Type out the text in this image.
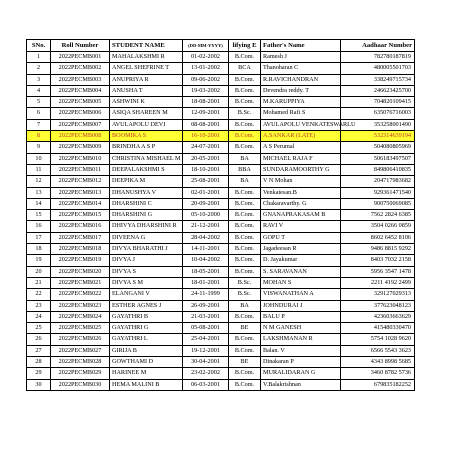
SNo.	Roll Number	STUDENT NAME	(DD-MM-YYYY)	lifying E	Father's Name	Aadhaar Number
1	2022PECMB001	MAHALAKSHMI R	01-02-2002	B.Com.	Ramesh J	782780187819
2	2022PECMB002	ANGEL SHEFRINE T	13-01-2002	BCA	Thanoharan C	480005501703
3	2022PECMB003	ANUPRIYA R	09-06-2002	B.Com.	R.RAVICHANDRAN	338249715734
4	2022PECMB004	ANUSHA T	19-03-2002	B.Com.	Devendra reddy. T	246623425700
5	2022PECMB005	ASHWINI K	18-08-2001	B.Com.	M.KARUPPIYA	704820109415
6	2022PECMB006	ASIQA SHAREEN M	12-09-2001	B.Sc.	Mohamed Rafi S	635076716003
7	2022PECMB007	AVULAPOLU DEVI	08-08-2001	B.Com.	AVULAPOLU VENKATESWARLU	353258001490
8	2022PECMB008	BOOMIKA S	16-10-2001	B.Com.	A.SANKAR (LATE)	532314639194
9	2022PECMB009	BRINDHA A S P	24-07-2001	B.Com.	A S Perumal	504080805969
10	2022PECMB010	CHRISTINA MISHAEL M	20-05-2001	BA	MICHAEL RAJA F	506183497507
11	2022PECMB011	DEEPALAKSHMI S	18-10-2001	BBA	SUNDARAMOORTHY G	849806410835
12	2022PECMB012	DEEPIKA M	25-08-2001	BA	V N Mohan	204717983682
13	2022PECMB013	DHANUSHYA V	02-01-2001	B.Com.	Venkatesan.B	929361471540
14	2022PECMB014	DHARSHINI C	20-09-2001	B.Com.	Chakaravarthy. G	900750069085
15	2022PECMB015	DHARSHINI G	05-10-2000	B.Com.	GNANAPRAKASAM B	7562 2824 6385
16	2022PECMB016	DHIVYA DHARSHINI R	21-12-2001	B.Com.	RAVI V	3504 0266 0859
17	2022PECMB017	DIVEENA G	28-04-2002	B.Com.	GOPU T	8602 6452 8106
18	2022PECMB018	DIVYA BHARATHI J	14-11-2001	B.Com.	Jagadeesan R	9486 8815 9292
19	2022PECMB019	DIVYA J	10-04-2002	B.Com.	D. Jayakumar	8403 7032 2158
20	2022PECMB020	DIVYA S	18-05-2001	B.Com.	S. SARAVANAN	5956 3547 1478
21	2022PECMB021	DIVYA S M	18-01-2001	B.Sc.	MOHAN S	2211 4192 2499
22	2022PECMB022	ELANGANI V	24-11-1999	B.Sc.	VISWANATHAN A	329127029313
23	2022PECMB023	ESTHER AGNES J	26-09-2001	BA	JOHNDURAI J	377623048123
24	2022PECMB024	GAYATHRI B	21-03-2001	B.Com.	BALU P	423603663629
25	2022PECMB025	GAYATHRI G	05-08-2001	BE	N M GANESH	415480330470
26	2022PECMB026	GAYATHRI L	25-04-2001	B.Com.	LAKSHMANAN R	5754 1028 9620
27	2022PECMB027	GIRIJA B	19-12-2001	B.Com.	Balan. V	6566 5543 3623
28	2022PECMB028	GOWTHAMI D	30-04-2001	BE	Dinakaran P	4343 8998 5685
29	2022PECMB029	HARINEE M	23-02-2002	B.Com.	MURALIDARAN G	3460 8782 5736
30	2022PECMB030	HEMA MALINI B	06-03-2001	B.Com.	V.Balakrishnan	679835182252
